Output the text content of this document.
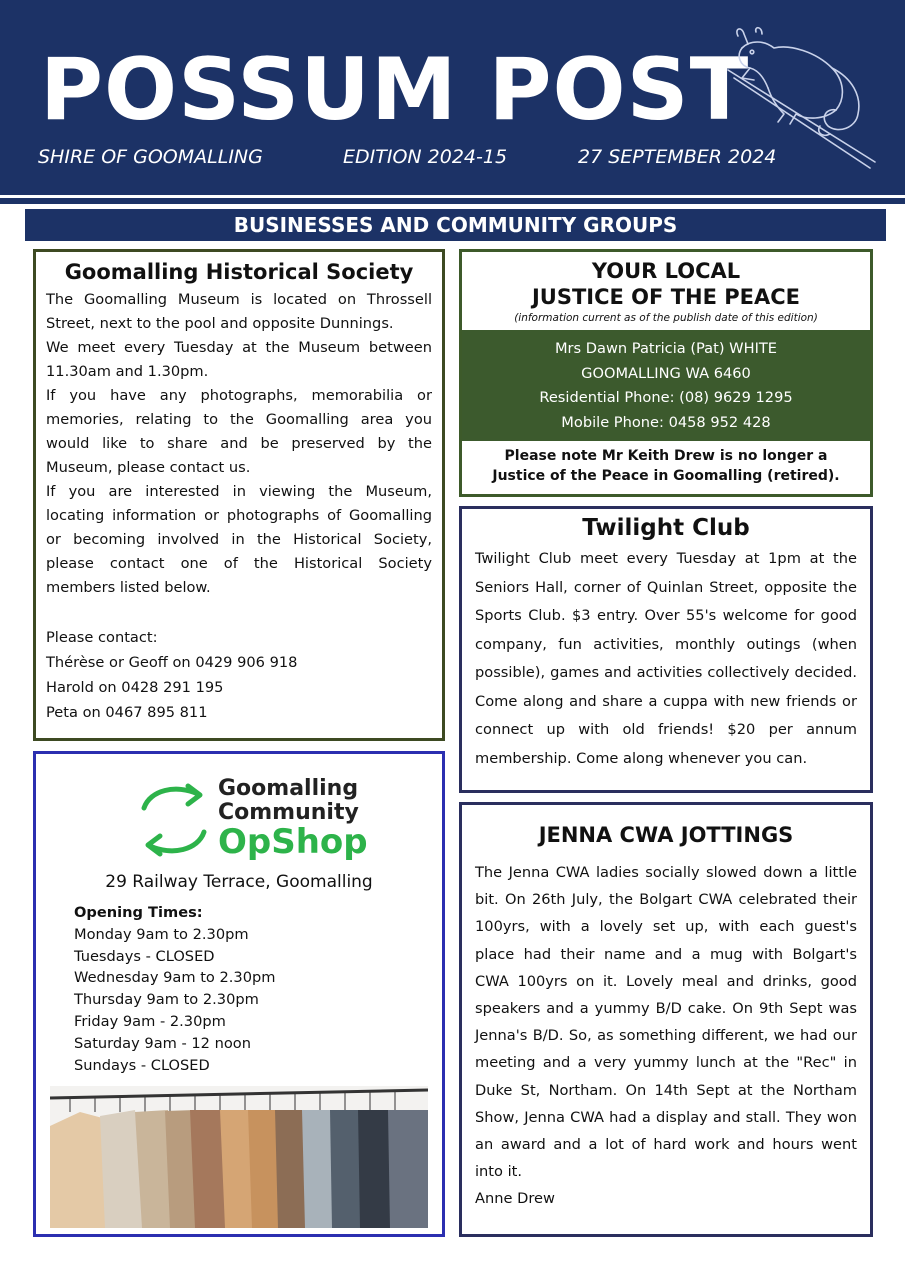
POSSUM POST
SHIRE OF GOOMALLING	EDITION 2024-15	27 SEPTEMBER 2024
BUSINESSES AND COMMUNITY GROUPS
Goomalling Historical Society

The Goomalling Museum is located on Throssell Street, next to the pool and opposite Dunnings.

We meet every Tuesday at the Museum between 11.30am and 1.30pm.

If you have any photographs, memorabilia or memories, relating to the Goomalling area you would like to share and be preserved by the Museum, please contact us.

If you are interested in viewing the Museum, locating information or photographs of Goomalling or becoming involved in the Historical Society, please contact one of the Historical Society members listed below.

Please contact:

Thérèse or Geoff on 0429 906 918

Harold on 0428 291 195

Peta on 0467 895 811

YOUR LOCAL
JUSTICE OF THE PEACE
(information current as of the publish date of this edition)
Mrs Dawn Patricia (Pat) WHITE
GOOMALLING WA 6460
Residential Phone: (08) 9629 1295
Mobile Phone: 0458 952 428
Please note Mr Keith Drew is no longer a
Justice of the Peace in Goomalling (retired).
Twilight Club

Twilight Club meet every Tuesday at 1pm at the Seniors Hall, corner of Quinlan Street, opposite the Sports Club. $3 entry. Over 55's welcome for good company, fun activities, monthly outings (when possible), games and activities collectively decided. Come along and share a cuppa with new friends or connect up with old friends! $20 per annum membership. Come along whenever you can.

Goomalling
Community
OpShop
29 Railway Terrace, Goomalling
Opening Times:
Monday 9am to 2.30pm
Tuesdays - CLOSED
Wednesday 9am to 2.30pm
Thursday 9am to 2.30pm
Friday 9am - 2.30pm
Saturday 9am - 12 noon
Sundays - CLOSED
JENNA CWA JOTTINGS

The Jenna CWA ladies socially slowed down a little bit. On 26th July, the Bolgart CWA celebrated their 100yrs, with a lovely set up, with each guest's place had their name and a mug with Bolgart's CWA 100yrs on it. Lovely meal and drinks, good speakers and a yummy B/D cake. On 9th Sept was Jenna's B/D. So, as something different, we had our meeting and a very yummy lunch at the "Rec" in Duke St, Northam. On 14th Sept at the Northam Show, Jenna CWA had a display and stall. They won an award and a lot of hard work and hours went into it.

Anne Drew
